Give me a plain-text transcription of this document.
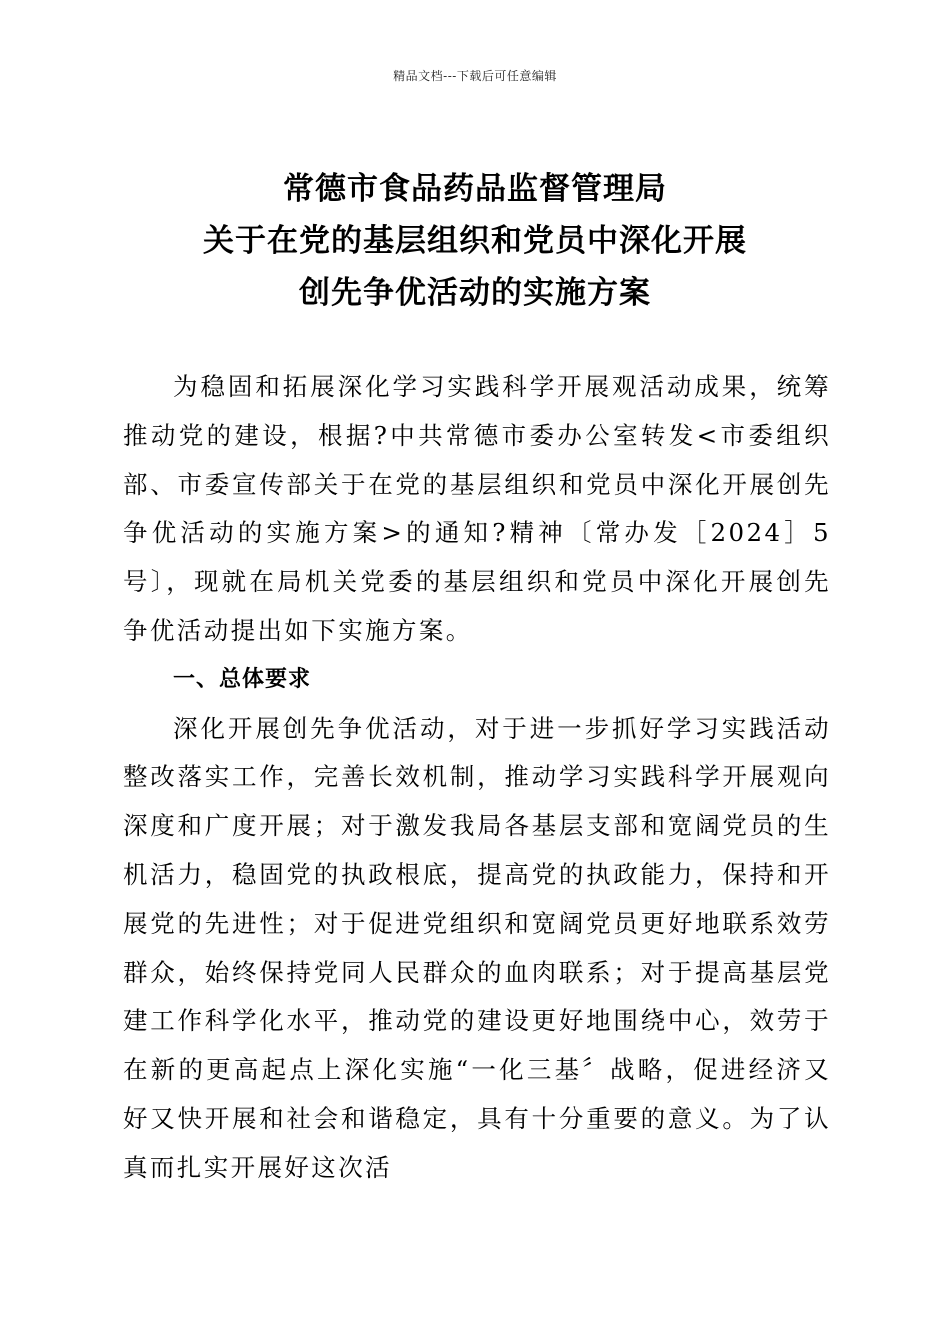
精品文档---下载后可任意编辑
常德市食品药品监督管理局
关于在党的基层组织和党员中深化开展
创先争优活动的实施方案

为稳固和拓展深化学习实践科学开展观活动成果，统筹推动党的建设，根据?中共常德市委办公室转发<市委组织部、市委宣传部关于在党的基层组织和党员中深化开展创先争优活动的实施方案>的通知?精神〔常办发［2024］5号〕，现就在局机关党委的基层组织和党员中深化开展创先争优活动提出如下实施方案。

一、总体要求

深化开展创先争优活动，对于进一步抓好学习实践活动整改落实工作，完善长效机制，推动学习实践科学开展观向深度和广度开展；对于激发我局各基层支部和宽阔党员的生机活力，稳固党的执政根底，提高党的执政能力，保持和开展党的先进性；对于促进党组织和宽阔党员更好地联系效劳群众，始终保持党同人民群众的血肉联系；对于提高基层党建工作科学化水平，推动党的建设更好地围绕中心，效劳于在新的更高起点上深化实施“一化三基〞战略，促进经济又好又快开展和社会和谐稳定，具有十分重要的意义。为了认真而扎实开展好这次活
